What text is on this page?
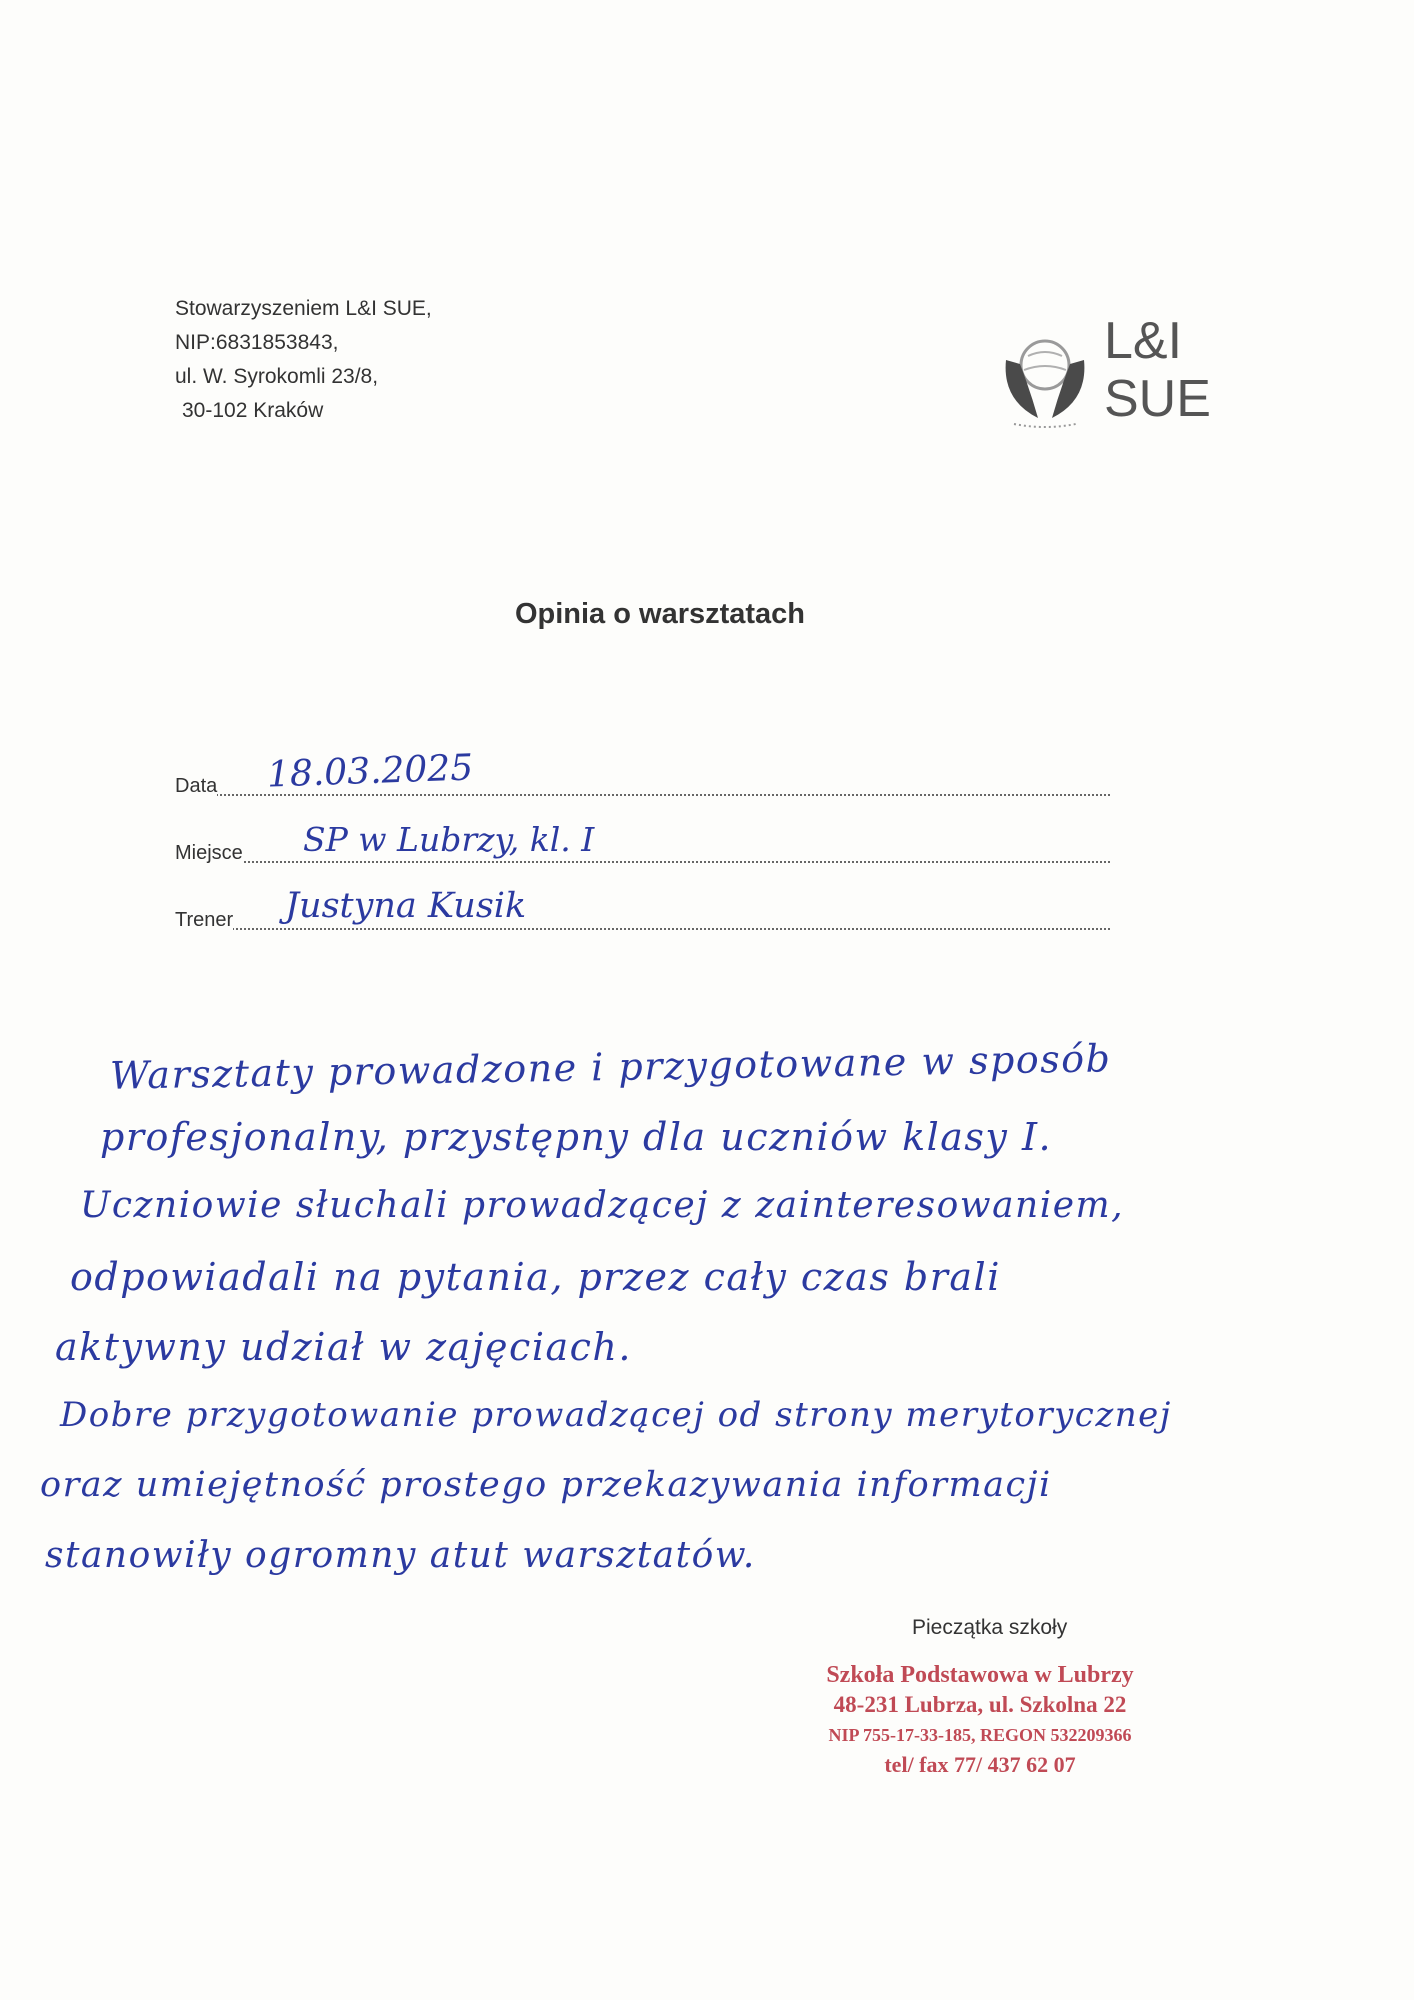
Stowarzyszeniem L&I SUE,
NIP:6831853843,
ul. W. Syrokomli 23/8,
30-102 Kraków
L&I
SUE
Opinia o warsztatach
Data 18.03.2025
Miejsce SP w Lubrzy, kl. I
Trener Justyna Kusik
Warsztaty prowadzone i przygotowane w sposób
profesjonalny, przystępny dla uczniów klasy I.
Uczniowie słuchali prowadzącej z zainteresowaniem,
odpowiadali na pytania, przez cały czas brali
aktywny udział w zajęciach.
Dobre przygotowanie prowadzącej od strony merytorycznej
oraz umiejętność prostego przekazywania informacji
stanowiły ogromny atut warsztatów.
Pieczątka szkoły
Szkoła Podstawowa w Lubrzy
48-231 Lubrza, ul. Szkolna 22
NIP 755-17-33-185, REGON 532209366
tel/ fax 77/ 437 62 07
